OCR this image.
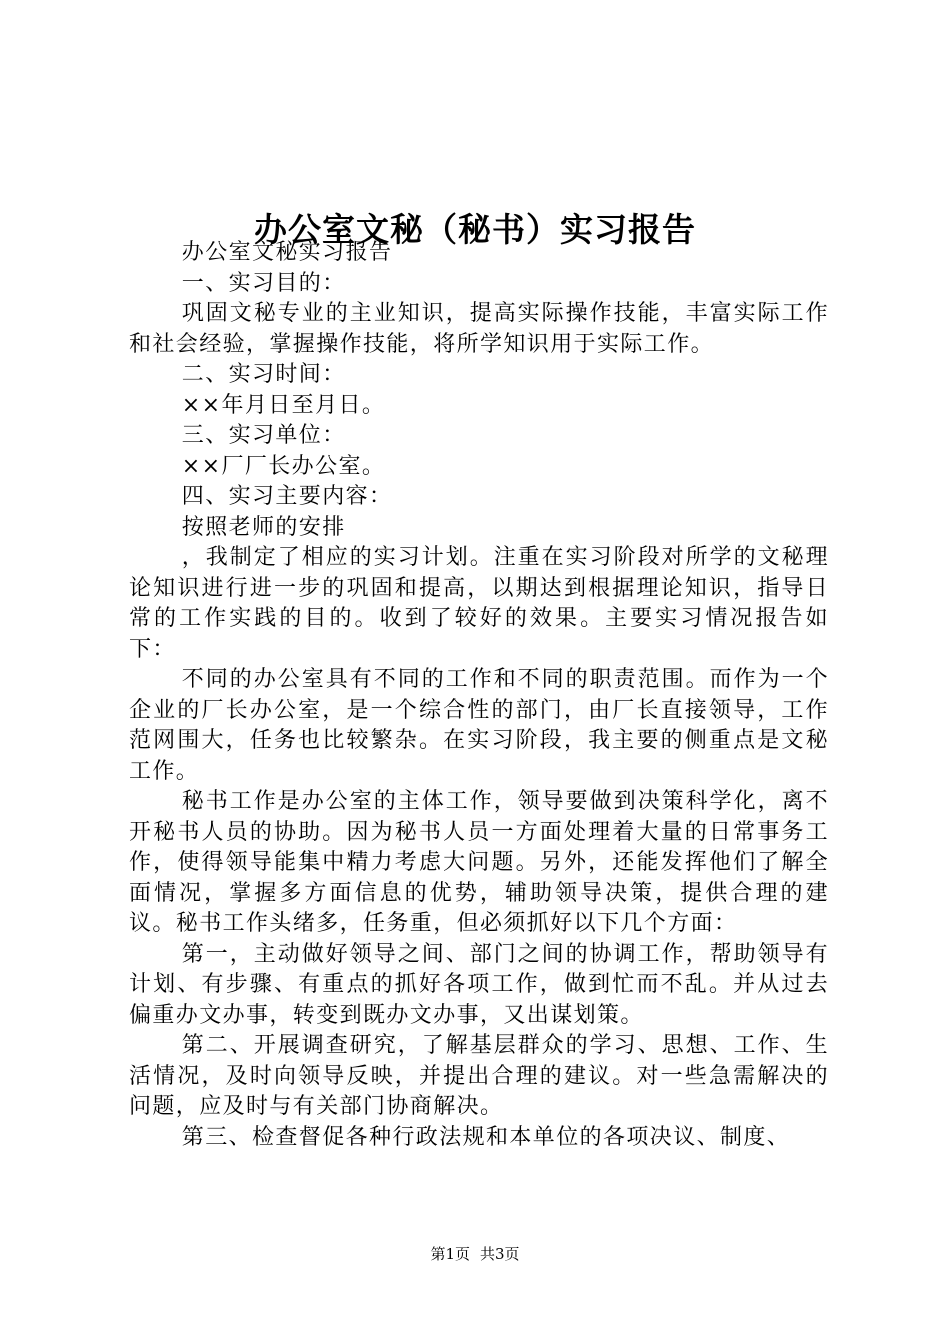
办公室文秘（秘书）实习报告

办公室文秘实习报告

一、实习目的：

巩固文秘专业的主业知识，提高实际操作技能，丰富实际工作和社会经验，掌握操作技能，将所学知识用于实际工作。

二、实习时间：

××年月日至月日。

三、实习单位：

××厂厂长办公室。

四、实习主要内容：

按照老师的安排

，我制定了相应的实习计划。注重在实习阶段对所学的文秘理论知识进行进一步的巩固和提高，以期达到根据理论知识，指导日常的工作实践的目的。收到了较好的效果。主要实习情况报告如下：

不同的办公室具有不同的工作和不同的职责范围。而作为一个企业的厂长办公室，是一个综合性的部门，由厂长直接领导，工作范网围大，任务也比较繁杂。在实习阶段，我主要的侧重点是文秘工作。

秘书工作是办公室的主体工作，领导要做到决策科学化，离不开秘书人员的协助。因为秘书人员一方面处理着大量的日常事务工作，使得领导能集中精力考虑大问题。另外，还能发挥他们了解全面情况，掌握多方面信息的优势，辅助领导决策，提供合理的建议。秘书工作头绪多，任务重，但必须抓好以下几个方面：

第一，主动做好领导之间、部门之间的协调工作，帮助领导有计划、有步骤、有重点的抓好各项工作，做到忙而不乱。并从过去偏重办文办事，转变到既办文办事，又出谋划策。

第二、开展调查研究，了解基层群众的学习、思想、工作、生活情况，及时向领导反映，并提出合理的建议。对一些急需解决的问题，应及时与有关部门协商解决。

第三、检查督促各种行政法规和本单位的各项决议、制度、

第1页 共3页
